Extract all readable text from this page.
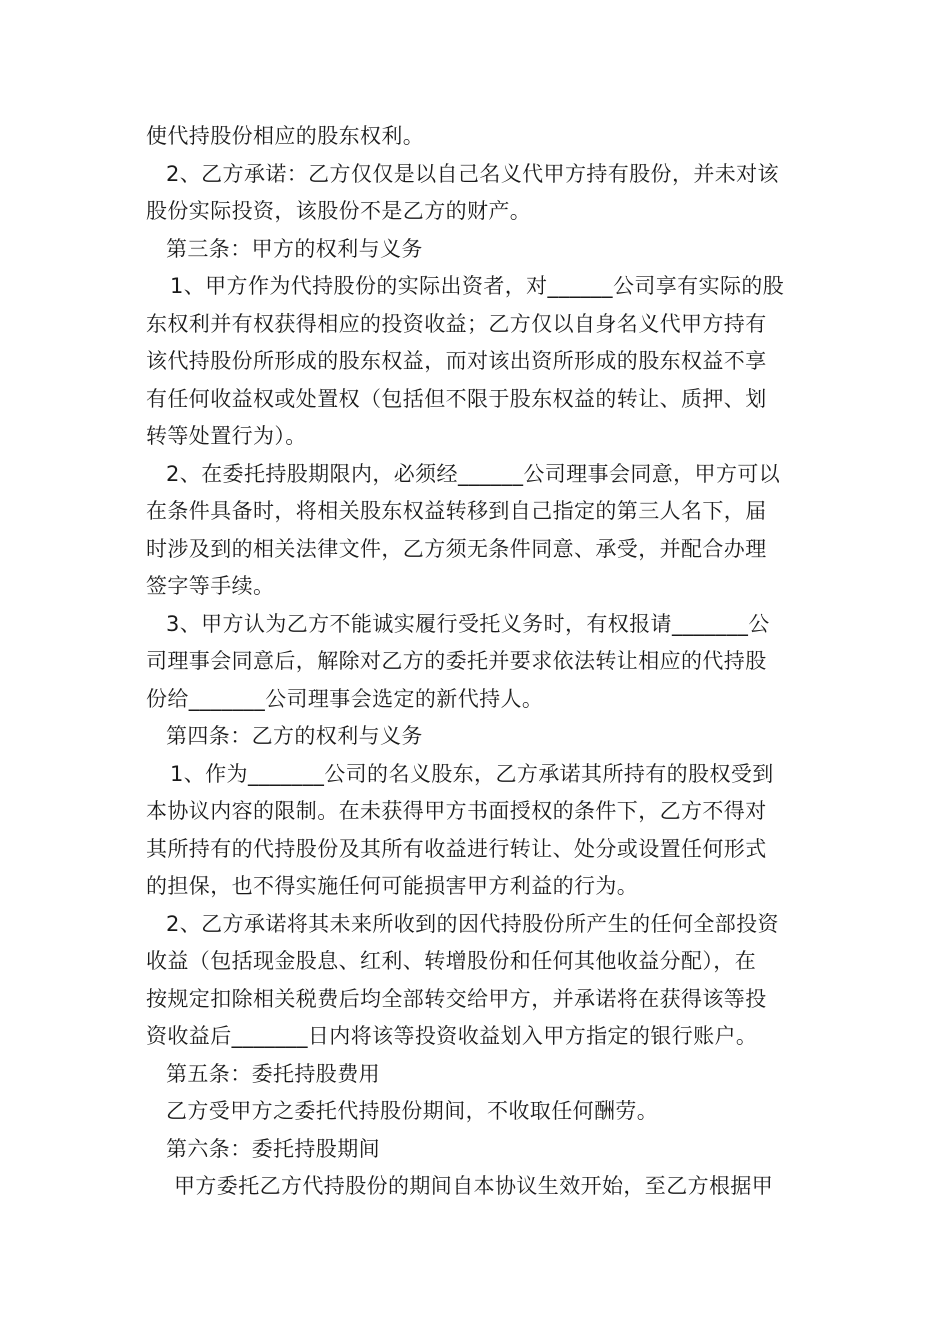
使代持股份相应的股东权利。
2、乙方承诺：乙方仅仅是以自己名义代甲方持有股份，并未对该
股份实际投资，该股份不是乙方的财产。
第三条：甲方的权利与义务
1、甲方作为代持股份的实际出资者，对______公司享有实际的股
东权利并有权获得相应的投资收益；乙方仅以自身名义代甲方持有
该代持股份所形成的股东权益，而对该出资所形成的股东权益不享
有任何收益权或处置权（包括但不限于股东权益的转让、质押、划
转等处置行为）。
2、在委托持股期限内，必须经______公司理事会同意，甲方可以
在条件具备时，将相关股东权益转移到自己指定的第三人名下，届
时涉及到的相关法律文件，乙方须无条件同意、承受，并配合办理
签字等手续。
3、甲方认为乙方不能诚实履行受托义务时，有权报请_______公
司理事会同意后，解除对乙方的委托并要求依法转让相应的代持股
份给_______公司理事会选定的新代持人。
第四条：乙方的权利与义务
1、作为_______公司的名义股东，乙方承诺其所持有的股权受到
本协议内容的限制。在未获得甲方书面授权的条件下，乙方不得对
其所持有的代持股份及其所有收益进行转让、处分或设置任何形式
的担保，也不得实施任何可能损害甲方利益的行为。
2、乙方承诺将其未来所收到的因代持股份所产生的任何全部投资
收益（包括现金股息、红利、转增股份和任何其他收益分配），在
按规定扣除相关税费后均全部转交给甲方，并承诺将在获得该等投
资收益后_______日内将该等投资收益划入甲方指定的银行账户。
第五条：委托持股费用
乙方受甲方之委托代持股份期间，不收取任何酬劳。
第六条：委托持股期间
甲方委托乙方代持股份的期间自本协议生效开始，至乙方根据甲
